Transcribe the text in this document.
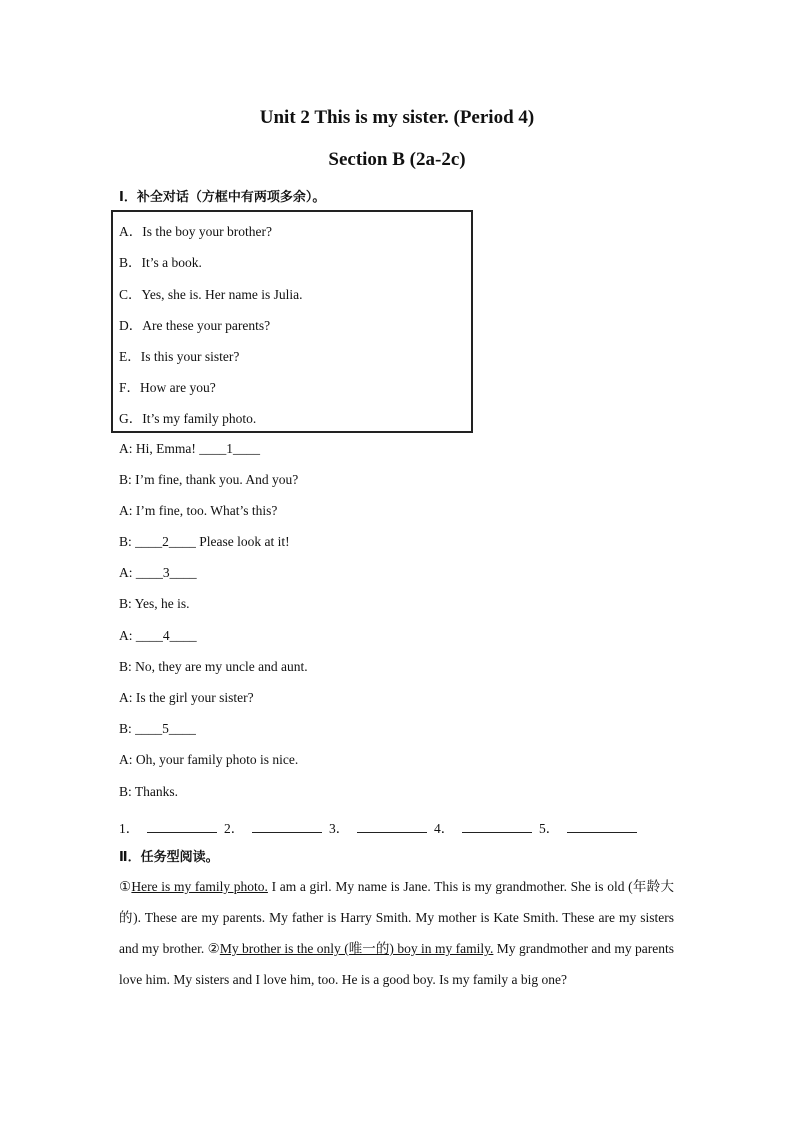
Unit 2 This is my sister. (Period 4)
Section B (2a-2c)
Ⅰ．补全对话（方框中有两项多余）。
A．Is the boy your brother?
B．It’s a book.
C．Yes, she is. Her name is Julia.
D．Are these your parents?
E．Is this your sister?
F．How are you?
G．It’s my family photo.
A: Hi, Emma! ____1____
B: I’m fine, thank you. And you?
A: I’m fine, too. What’s this?
B: ____2____ Please look at it!
A: ____3____
B: Yes, he is.
A: ____4____
B: No, they are my uncle and aunt.
A: Is the girl your sister?
B: ____5____
A: Oh, your family photo is nice.
B: Thanks.
1．	2．	3．	4．	5．
Ⅱ．任务型阅读。
①Here is my family photo. I am a girl. My name is Jane. This is my grandmother. She is old (年龄大的). These are my parents. My father is Harry Smith. My mother is Kate Smith. These are my sisters and my brother. ②My brother is the only (唯一的) boy in my family. My grandmother and my parents love him. My sisters and I love him, too. He is a good boy. Is my family a big one?
